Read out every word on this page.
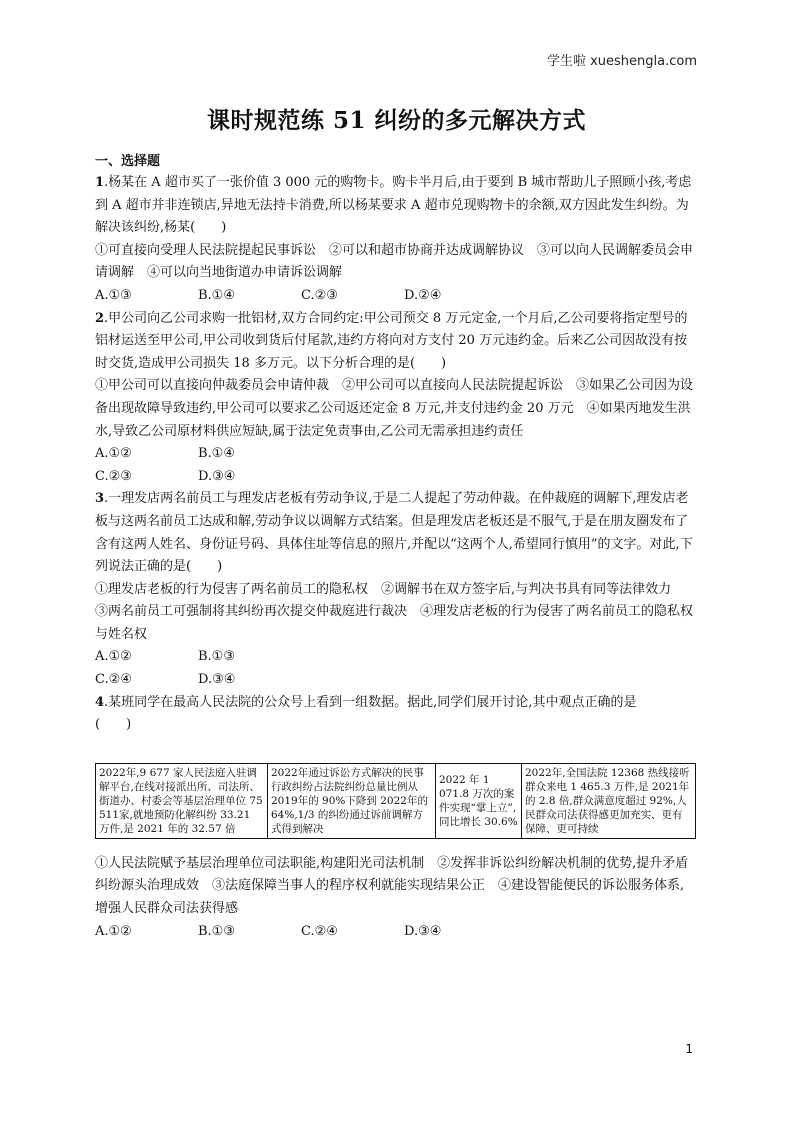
学生啦 xueshengla.com
课时规范练 51 纠纷的多元解决方式
一、选择题

1.杨某在 A 超市买了一张价值 3 000 元的购物卡。购卡半月后,由于要到 B 城市帮助儿子照顾小孩,考虑到 A 超市并非连锁店,异地无法持卡消费,所以杨某要求 A 超市兑现购物卡的余额,双方因此发生纠纷。为解决该纠纷,杨某(　　)

①可直接向受理人民法院提起民事诉讼　②可以和超市协商并达成调解协议　③可以向人民调解委员会申请调解　④可以向当地街道办申请诉讼调解

A.①③	B.①④	C.②③	D.②④

2.甲公司向乙公司求购一批铝材,双方合同约定:甲公司预交 8 万元定金,一个月后,乙公司要将指定型号的铝材运送至甲公司,甲公司收到货后付尾款,违约方将向对方支付 20 万元违约金。后来乙公司因故没有按时交货,造成甲公司损失 18 多万元。以下分析合理的是(　　)

①甲公司可以直接向仲裁委员会申请仲裁　②甲公司可以直接向人民法院提起诉讼　③如果乙公司因为设备出现故障导致违约,甲公司可以要求乙公司返还定金 8 万元,并支付违约金 20 万元　④如果丙地发生洪水,导致乙公司原材料供应短缺,属于法定免责事由,乙公司无需承担违约责任

A.①②	B.①④
C.②③	D.③④

3.一理发店两名前员工与理发店老板有劳动争议,于是二人提起了劳动仲裁。在仲裁庭的调解下,理发店老板与这两名前员工达成和解,劳动争议以调解方式结案。但是理发店老板还是不服气,于是在朋友圈发布了含有这两人姓名、身份证号码、具体住址等信息的照片,并配以“这两个人,希望同行慎用”的文字。对此,下列说法正确的是(　　)

①理发店老板的行为侵害了两名前员工的隐私权　②调解书在双方签字后,与判决书具有同等法律效力　③两名前员工可强制将其纠纷再次提交仲裁庭进行裁决　④理发店老板的行为侵害了两名前员工的隐私权与姓名权

A.①②	B.①③
C.②④	D.③④

4.某班同学在最高人民法院的公众号上看到一组数据。据此,同学们展开讨论,其中观点正确的是

(　　)

2022年,9 677 家人民法庭入驻调解平台,在线对接派出所、司法所、街道办、村委会等基层治理单位 75 511家,就地预防化解纠纷 33.21 万件,是 2021 年的 32.57 倍	2022年通过诉讼方式解决的民事行政纠纷占法院纠纷总量比例从 2019年的 90%下降到 2022年的 64%,1/3 的纠纷通过诉前调解方式得到解决	2022 年 1 071.8 万次的案件实现“掌上立”,同比增长 30.6%	2022年,全国法院 12368 热线接听群众来电 1 465.3 万件,是 2021年的 2.8 倍,群众满意度超过 92%,人民群众司法获得感更加充实、更有保障、更可持续

①人民法院赋予基层治理单位司法职能,构建阳光司法机制　②发挥非诉讼纠纷解决机制的优势,提升矛盾纠纷源头治理成效　③法庭保障当事人的程序权利就能实现结果公正　④建设智能便民的诉讼服务体系,增强人民群众司法获得感

A.①②	B.①③	C.②④	D.③④
1
